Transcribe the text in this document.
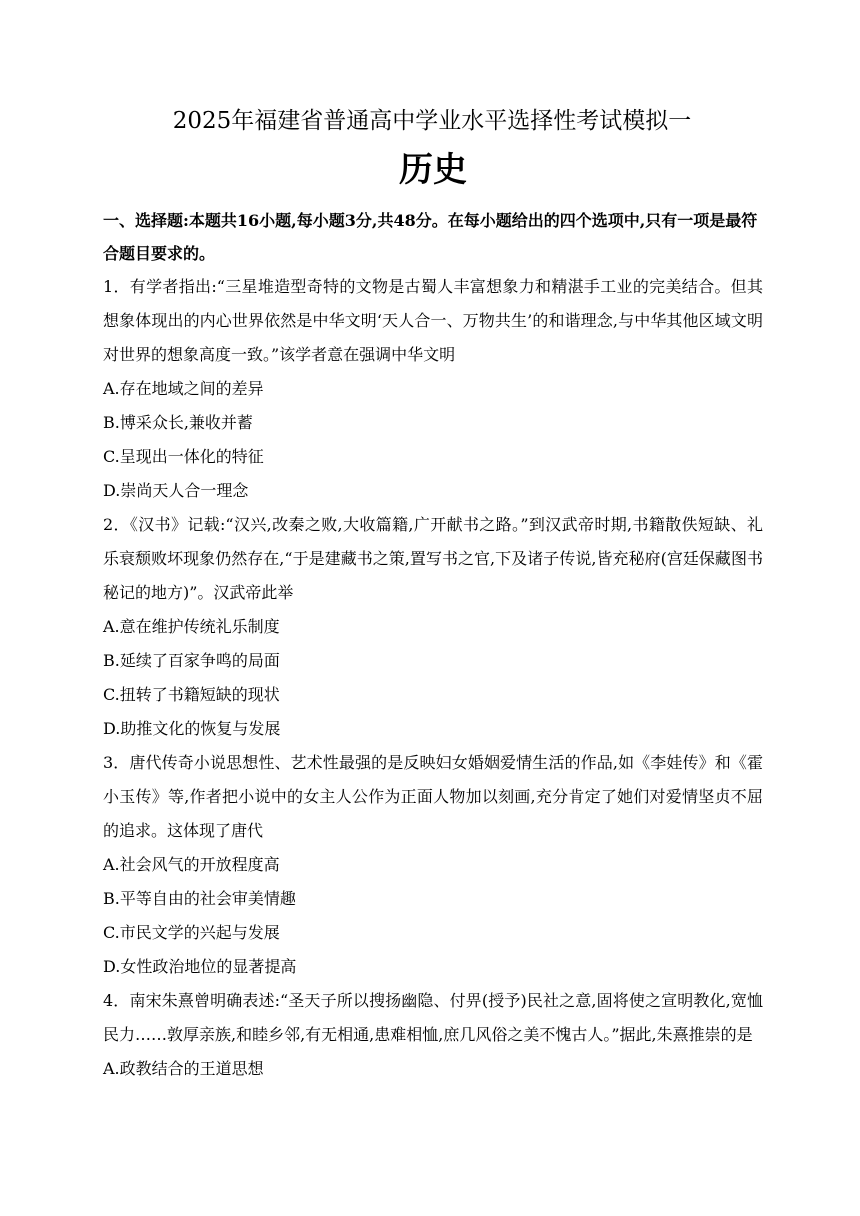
2025年福建省普通高中学业水平选择性考试模拟一
历史
一、选择题:本题共16小题,每小题3分,共48分。在每小题给出的四个选项中,只有一项是最符合题目要求的。
1．有学者指出:“三星堆造型奇特的文物是古蜀人丰富想象力和精湛手工业的完美结合。但其想象体现出的内心世界依然是中华文明‘天人合一、万物共生’的和谐理念,与中华其他区域文明对世界的想象高度一致。”该学者意在强调中华文明
A.存在地域之间的差异
B.博采众长,兼收并蓄
C.呈现出一体化的特征
D.崇尚天人合一理念
2．《汉书》记载:“汉兴,改秦之败,大收篇籍,广开献书之路。”到汉武帝时期,书籍散佚短缺、礼乐衰颓败坏现象仍然存在,“于是建藏书之策,置写书之官,下及诸子传说,皆充秘府(宫廷保藏图书秘记的地方)”。汉武帝此举
A.意在维护传统礼乐制度
B.延续了百家争鸣的局面
C.扭转了书籍短缺的现状
D.助推文化的恢复与发展
3．唐代传奇小说思想性、艺术性最强的是反映妇女婚姻爱情生活的作品,如《李娃传》和《霍小玉传》等,作者把小说中的女主人公作为正面人物加以刻画,充分肯定了她们对爱情坚贞不屈的追求。这体现了唐代
A.社会风气的开放程度高
B.平等自由的社会审美情趣
C.市民文学的兴起与发展
D.女性政治地位的显著提高
4．南宋朱熹曾明确表述:“圣天子所以搜扬幽隐、付畀(授予)民社之意,固将使之宣明教化,宽恤民力……敦厚亲族,和睦乡邻,有无相通,患难相恤,庶几风俗之美不愧古人。”据此,朱熹推崇的是
A.政教结合的王道思想
